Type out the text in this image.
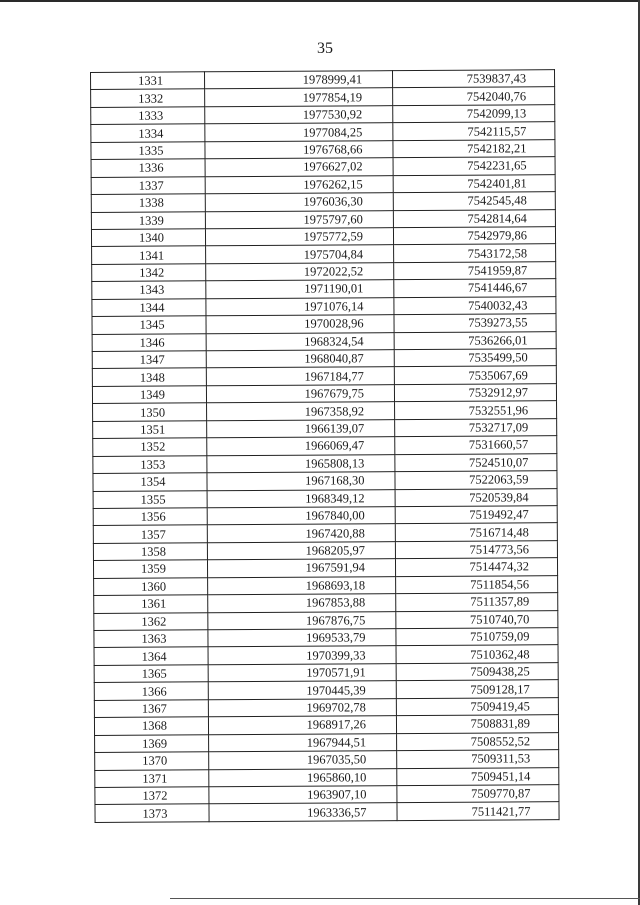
35
1331	1978999,41	7539837,43
1332	1977854,19	7542040,76
1333	1977530,92	7542099,13
1334	1977084,25	7542115,57
1335	1976768,66	7542182,21
1336	1976627,02	7542231,65
1337	1976262,15	7542401,81
1338	1976036,30	7542545,48
1339	1975797,60	7542814,64
1340	1975772,59	7542979,86
1341	1975704,84	7543172,58
1342	1972022,52	7541959,87
1343	1971190,01	7541446,67
1344	1971076,14	7540032,43
1345	1970028,96	7539273,55
1346	1968324,54	7536266,01
1347	1968040,87	7535499,50
1348	1967184,77	7535067,69
1349	1967679,75	7532912,97
1350	1967358,92	7532551,96
1351	1966139,07	7532717,09
1352	1966069,47	7531660,57
1353	1965808,13	7524510,07
1354	1967168,30	7522063,59
1355	1968349,12	7520539,84
1356	1967840,00	7519492,47
1357	1967420,88	7516714,48
1358	1968205,97	7514773,56
1359	1967591,94	7514474,32
1360	1968693,18	7511854,56
1361	1967853,88	7511357,89
1362	1967876,75	7510740,70
1363	1969533,79	7510759,09
1364	1970399,33	7510362,48
1365	1970571,91	7509438,25
1366	1970445,39	7509128,17
1367	1969702,78	7509419,45
1368	1968917,26	7508831,89
1369	1967944,51	7508552,52
1370	1967035,50	7509311,53
1371	1965860,10	7509451,14
1372	1963907,10	7509770,87
1373	1963336,57	7511421,77
